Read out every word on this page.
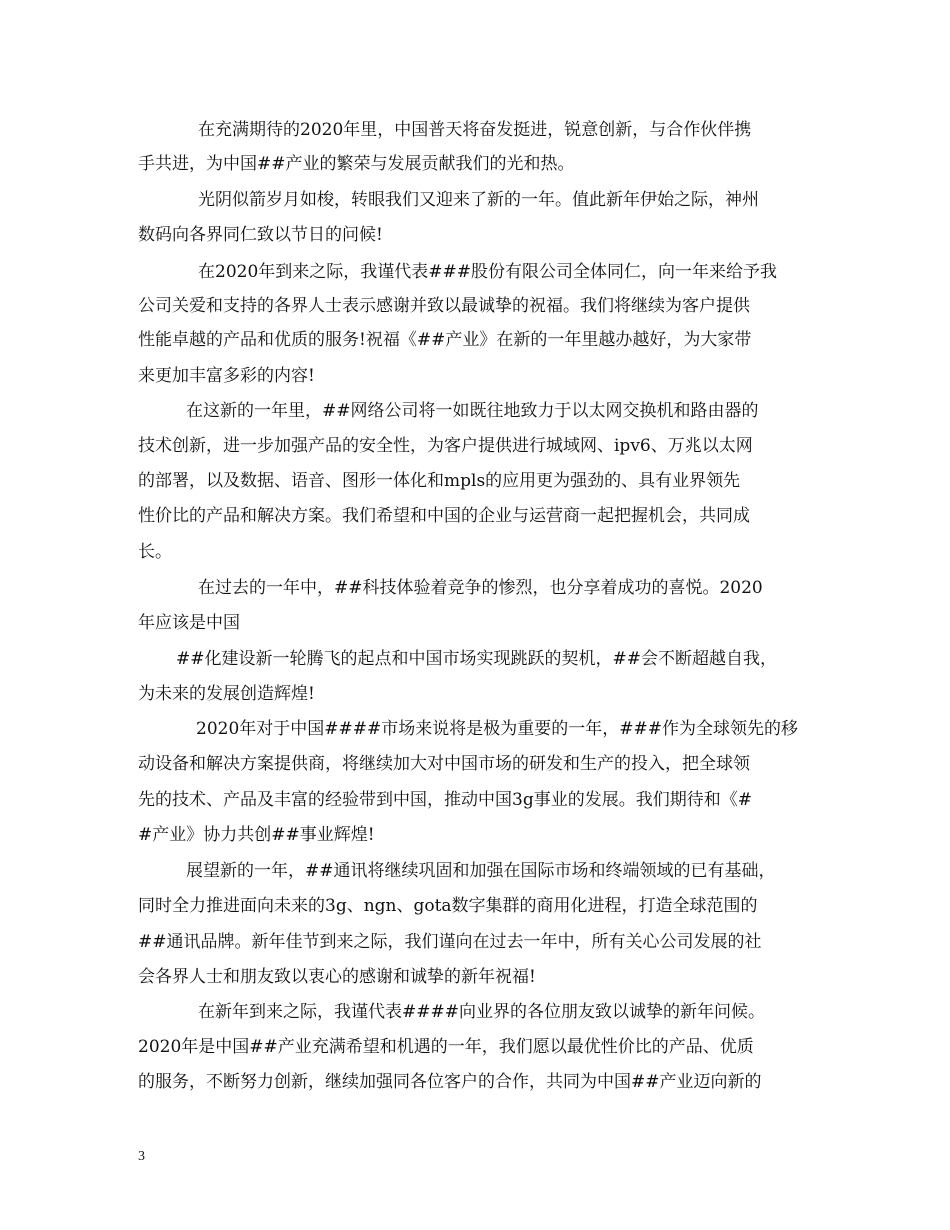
在充满期待的2020年里，中国普天将奋发挺进，锐意创新，与合作伙伴携
手共进，为中国##产业的繁荣与发展贡献我们的光和热。
光阴似箭岁月如梭，转眼我们又迎来了新的一年。值此新年伊始之际，神州
数码向各界同仁致以节日的问候!
在2020年到来之际，我谨代表###股份有限公司全体同仁，向一年来给予我
公司关爱和支持的各界人士表示感谢并致以最诚挚的祝福。我们将继续为客户提供
性能卓越的产品和优质的服务!祝福《##产业》在新的一年里越办越好，为大家带
来更加丰富多彩的内容!
在这新的一年里，##网络公司将一如既往地致力于以太网交换机和路由器的
技术创新，进一步加强产品的安全性，为客户提供进行城域网、ipv6、万兆以太网
的部署，以及数据、语音、图形一体化和mpls的应用更为强劲的、具有业界领先
性价比的产品和解决方案。我们希望和中国的企业与运营商一起把握机会，共同成
长。
在过去的一年中，##科技体验着竞争的惨烈，也分享着成功的喜悦。2020
年应该是中国
##化建设新一轮腾飞的起点和中国市场实现跳跃的契机，##会不断超越自我，
为未来的发展创造辉煌!
2020年对于中国####市场来说将是极为重要的一年，###作为全球领先的移
动设备和解决方案提供商，将继续加大对中国市场的研发和生产的投入，把全球领
先的技术、产品及丰富的经验带到中国，推动中国3g事业的发展。我们期待和《#
#产业》协力共创##事业辉煌!
展望新的一年，##通讯将继续巩固和加强在国际市场和终端领域的已有基础，
同时全力推进面向未来的3g、ngn、gota数字集群的商用化进程，打造全球范围的
##通讯品牌。新年佳节到来之际，我们谨向在过去一年中，所有关心公司发展的社
会各界人士和朋友致以衷心的感谢和诚挚的新年祝福!
在新年到来之际，我谨代表####向业界的各位朋友致以诚挚的新年问候。
2020年是中国##产业充满希望和机遇的一年，我们愿以最优性价比的产品、优质
的服务，不断努力创新，继续加强同各位客户的合作，共同为中国##产业迈向新的
3
